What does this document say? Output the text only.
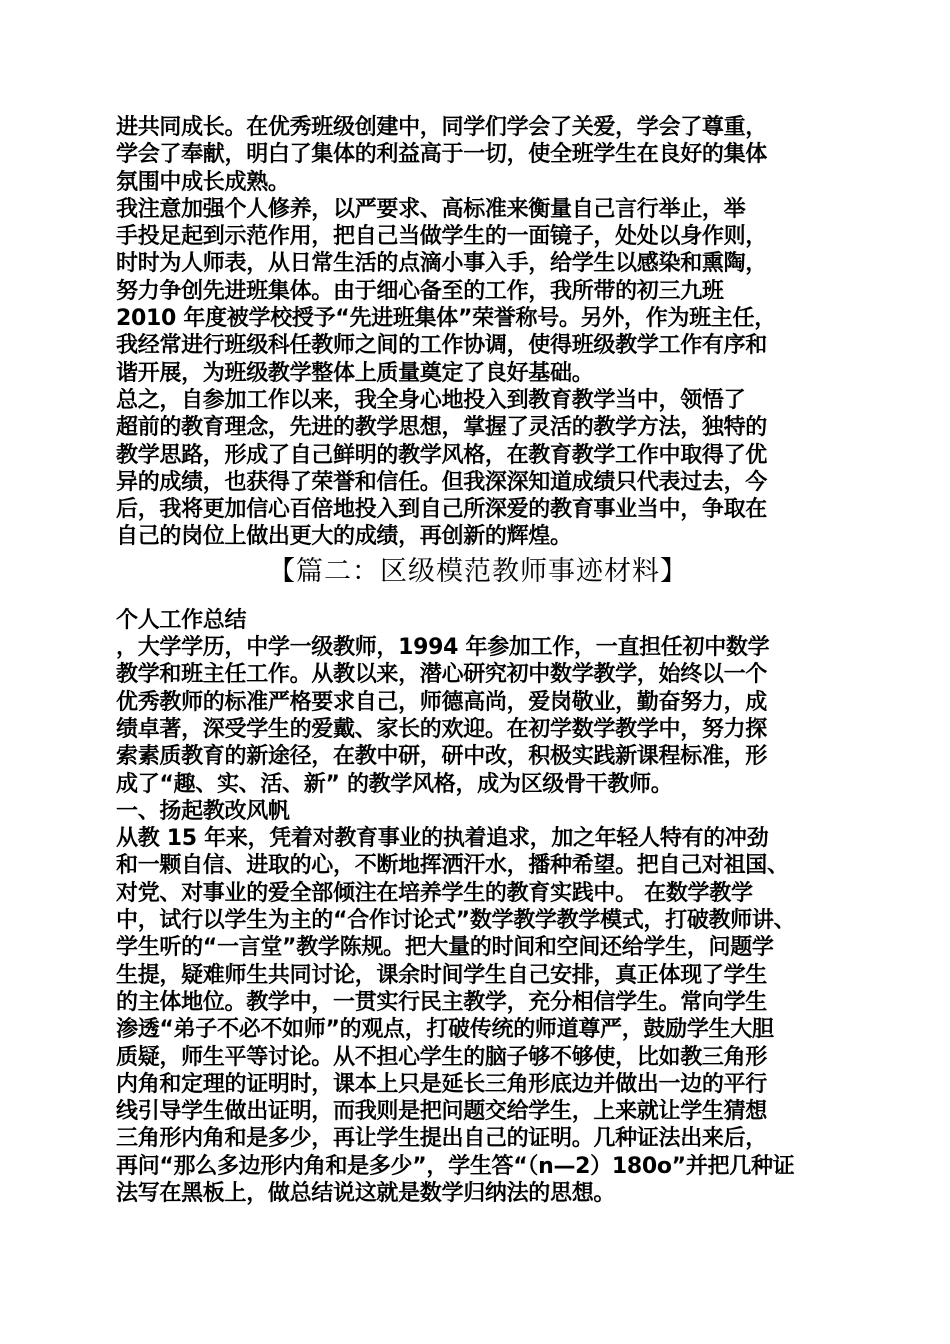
进共同成长。在优秀班级创建中，同学们学会了关爱，学会了尊重，
学会了奉献，明白了集体的利益高于一切，使全班学生在良好的集体
氛围中成长成熟。
我注意加强个人修养，以严要求、高标准来衡量自己言行举止，举
手投足起到示范作用，把自己当做学生的一面镜子，处处以身作则，
时时为人师表，从日常生活的点滴小事入手，给学生以感染和熏陶，
努力争创先进班集体。由于细心备至的工作，我所带的初三九班
2010 年度被学校授予“先进班集体”荣誉称号。另外，作为班主任，
我经常进行班级科任教师之间的工作协调，使得班级教学工作有序和
谐开展，为班级教学整体上质量奠定了良好基础。
总之，自参加工作以来，我全身心地投入到教育教学当中，领悟了
超前的教育理念，先进的教学思想，掌握了灵活的教学方法，独特的
教学思路，形成了自己鲜明的教学风格，在教育教学工作中取得了优
异的成绩，也获得了荣誉和信任。但我深深知道成绩只代表过去，今
后，我将更加信心百倍地投入到自己所深爱的教育事业当中，争取在
自己的岗位上做出更大的成绩，再创新的辉煌。
【篇二：区级模范教师事迹材料】
个人工作总结
，大学学历，中学一级教师，1994 年参加工作，一直担任初中数学
教学和班主任工作。从教以来，潜心研究初中数学教学，始终以一个
优秀教师的标准严格要求自己，师德高尚，爱岗敬业，勤奋努力，成
绩卓著，深受学生的爱戴、家长的欢迎。在初学数学教学中，努力探
索素质教育的新途径，在教中研，研中改，积极实践新课程标准，形
成了“趣、实、活、新” 的教学风格，成为区级骨干教师。
一、扬起教改风帆
从教 15 年来，凭着对教育事业的执着追求，加之年轻人特有的冲劲
和一颗自信、进取的心，不断地挥洒汗水，播种希望。把自己对祖国、
对党、对事业的爱全部倾注在培养学生的教育实践中。 在数学教学
中，试行以学生为主的“合作讨论式”数学教学教学模式，打破教师讲、
学生听的“一言堂”教学陈规。把大量的时间和空间还给学生，问题学
生提，疑难师生共同讨论，课余时间学生自己安排，真正体现了学生
的主体地位。教学中，一贯实行民主教学，充分相信学生。常向学生
渗透“弟子不必不如师”的观点，打破传统的师道尊严，鼓励学生大胆
质疑，师生平等讨论。从不担心学生的脑子够不够使，比如教三角形
内角和定理的证明时，课本上只是延长三角形底边并做出一边的平行
线引导学生做出证明，而我则是把问题交给学生，上来就让学生猜想
三角形内角和是多少，再让学生提出自己的证明。几种证法出来后，
再问“那么多边形内角和是多少”，学生答“（n—2）180o”并把几种证
法写在黑板上，做总结说这就是数学归纳法的思想。
